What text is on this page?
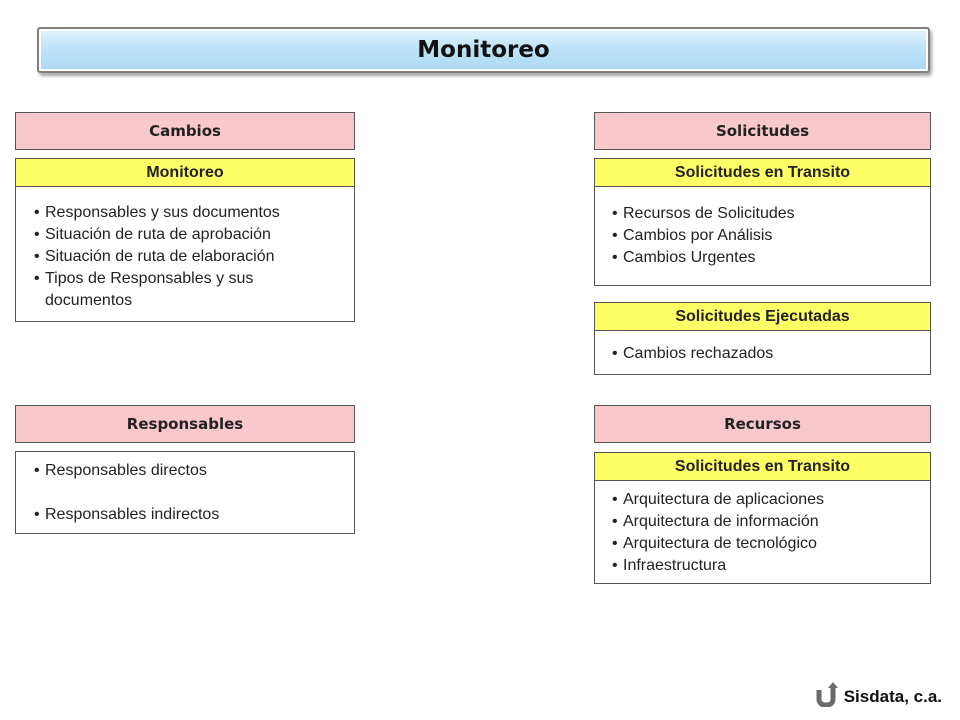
Monitoreo
Cambios
Monitoreo
• Responsables y sus documentos
• Situación de ruta de aprobación
• Situación de ruta de elaboración
• Tipos de Responsables y sus documentos
Solicitudes
Solicitudes en Transito
• Recursos de Solicitudes
• Cambios por Análisis
• Cambios Urgentes
Solicitudes Ejecutadas
• Cambios rechazados
Responsables
• Responsables directos
• Responsables indirectos
Recursos
Solicitudes en Transito
• Arquitectura de aplicaciones
• Arquitectura de información
• Arquitectura de tecnológico
• Infraestructura
Sisdata, c.a.
